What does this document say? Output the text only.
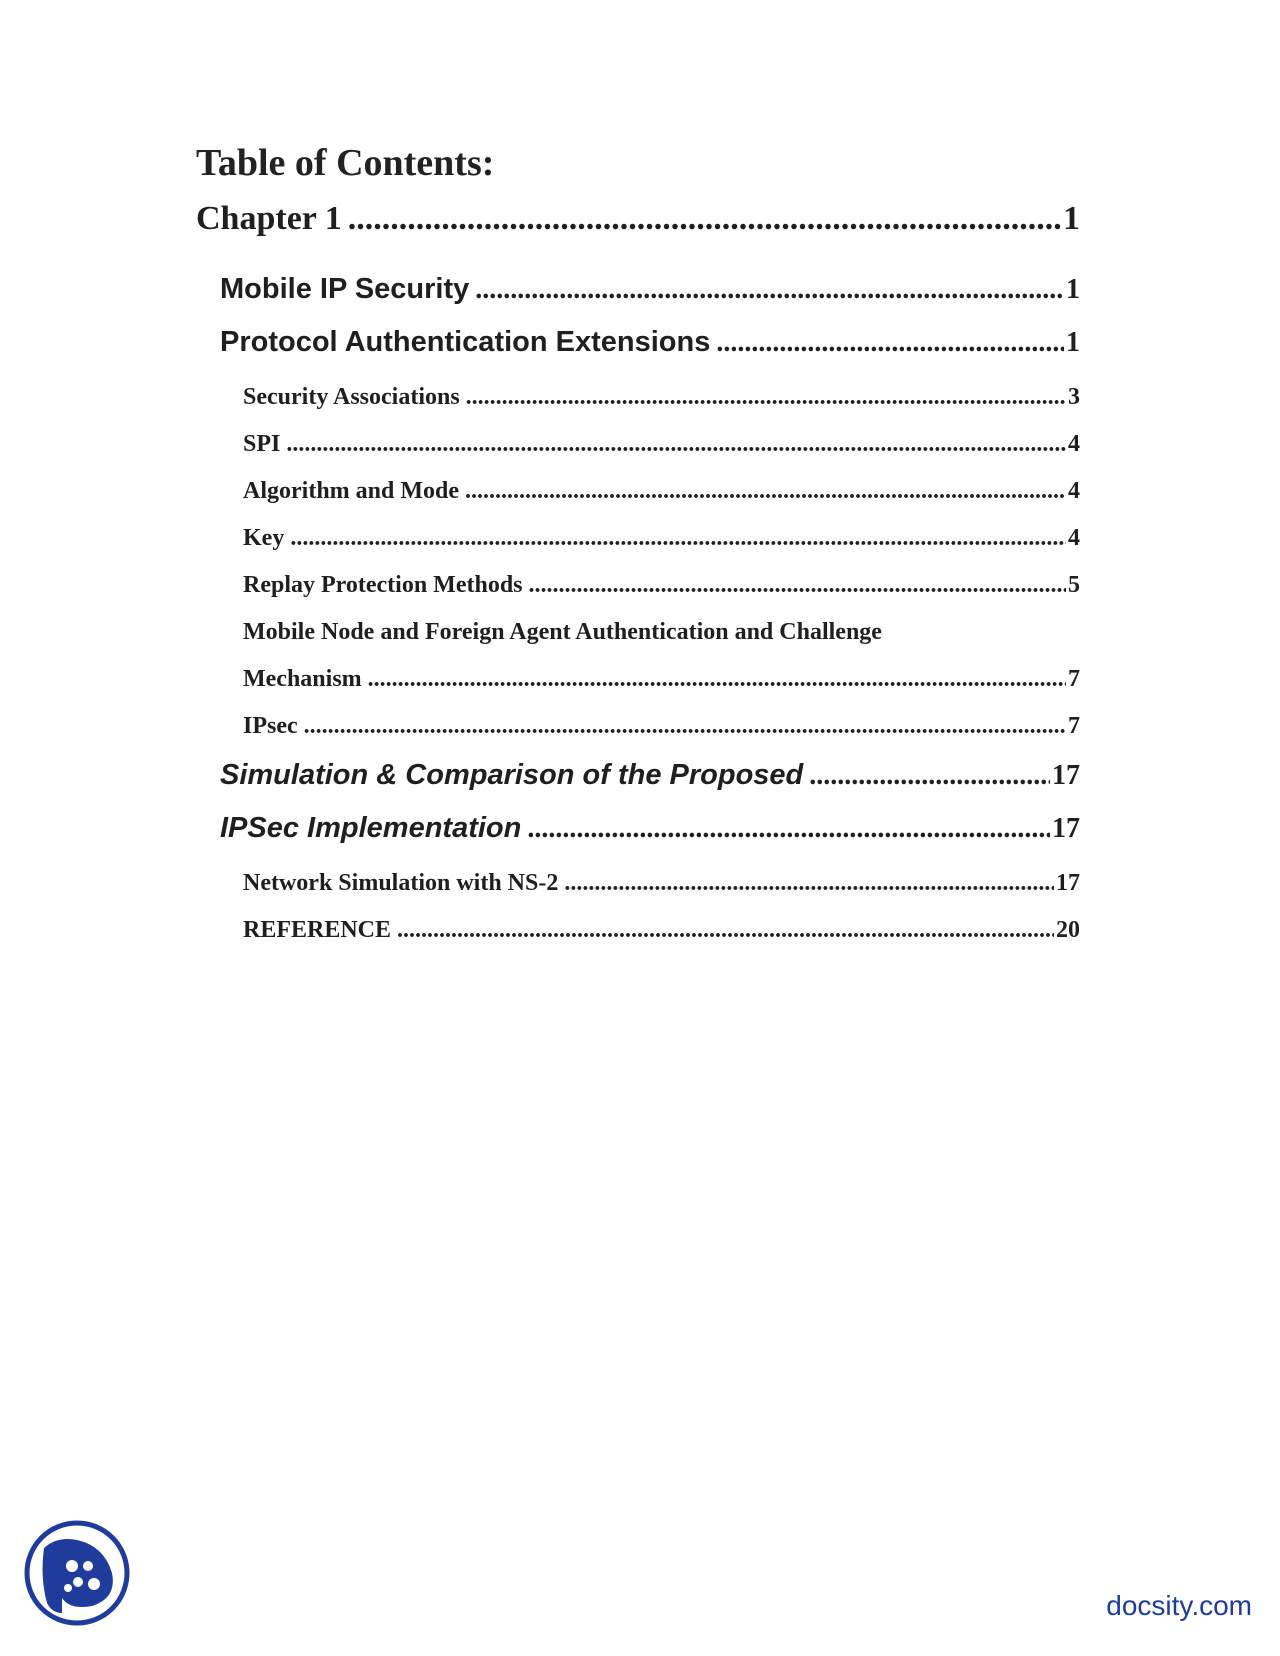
Table of Contents:
Chapter 1 .....	1
Mobile IP Security .....	1
Protocol Authentication Extensions .....	1
Security Associations .....	3
SPI .....	4
Algorithm and Mode .....	4
Key .....	4
Replay Protection Methods .....	5
Mobile Node and Foreign Agent Authentication and Challenge
Mechanism .....	7
IPsec .....	7
Simulation & Comparison of the Proposed .....	17
IPSec Implementation .....	17
Network Simulation with NS-2 .....	17
REFERENCE .....	20
docsity.com
